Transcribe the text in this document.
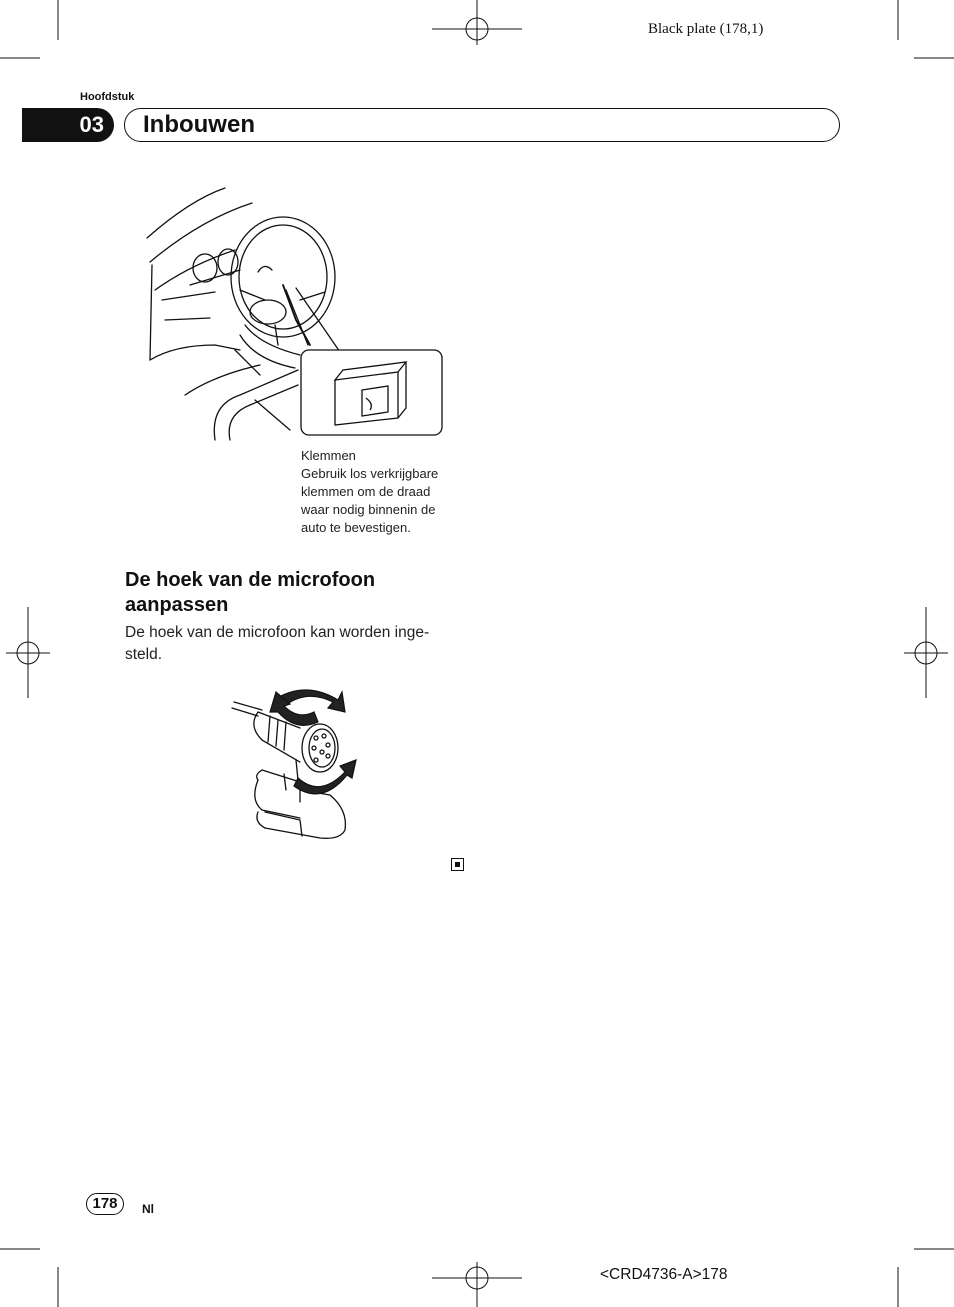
Black plate (178,1)
Hoofdstuk
03	Inbouwen
Klemmen
Gebruik los verkrijgbare
klemmen om de draad
waar nodig binnenin de
auto te bevestigen.
De hoek van de microfoon
aanpassen
De hoek van de microfoon kan worden inge-
steld.
178	Nl
<CRD4736-A>178
